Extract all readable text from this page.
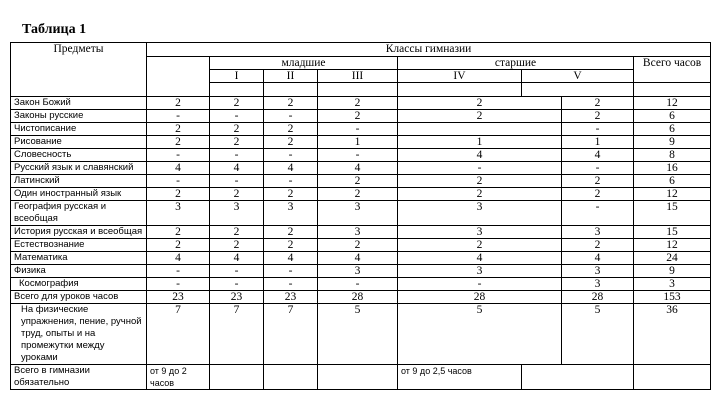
Таблица 1
Предметы	Классы гимназии								
		младшие			старшие			Всего часов	
		I	II	III	IV	V	

Закон Божий	2	2	2	2	2		2	12	
Законы русские	-	-	-	2	2		2	6	
Чистописание	2	2	2	-			-	6	
Рисование	2	2	2	1	1		1	9	
Словесность	-	-	-	-	4		4	8	
Русский язык и славянский	4	4	4	4	-		-	16	
Латинский	-	-	-	2	2		2	6	
Один иностранный язык	2	2	2	2	2		2	12	
География русская и всеобщая	3	3	3	3	3		-	15	
История русская и всеобщая	2	2	2	3	3		3	15	
Естествознание	2	2	2	2	2		2	12	
Математика	4	4	4	4	4		4	24	
Физика	-	-	-	3	3		3	9	
Космография	-	-	-	-	-		3	3	
Всего для уроков часов	23	23	23	28	28		28	153	
На физические упражнения, пение, ручной труд, опыты и на промежутки между уроками	7	7	7	5	5		5	36	
Всего в гимназии обязательно	от 9 до 2 часов				от 9 до 2,5 часов				
